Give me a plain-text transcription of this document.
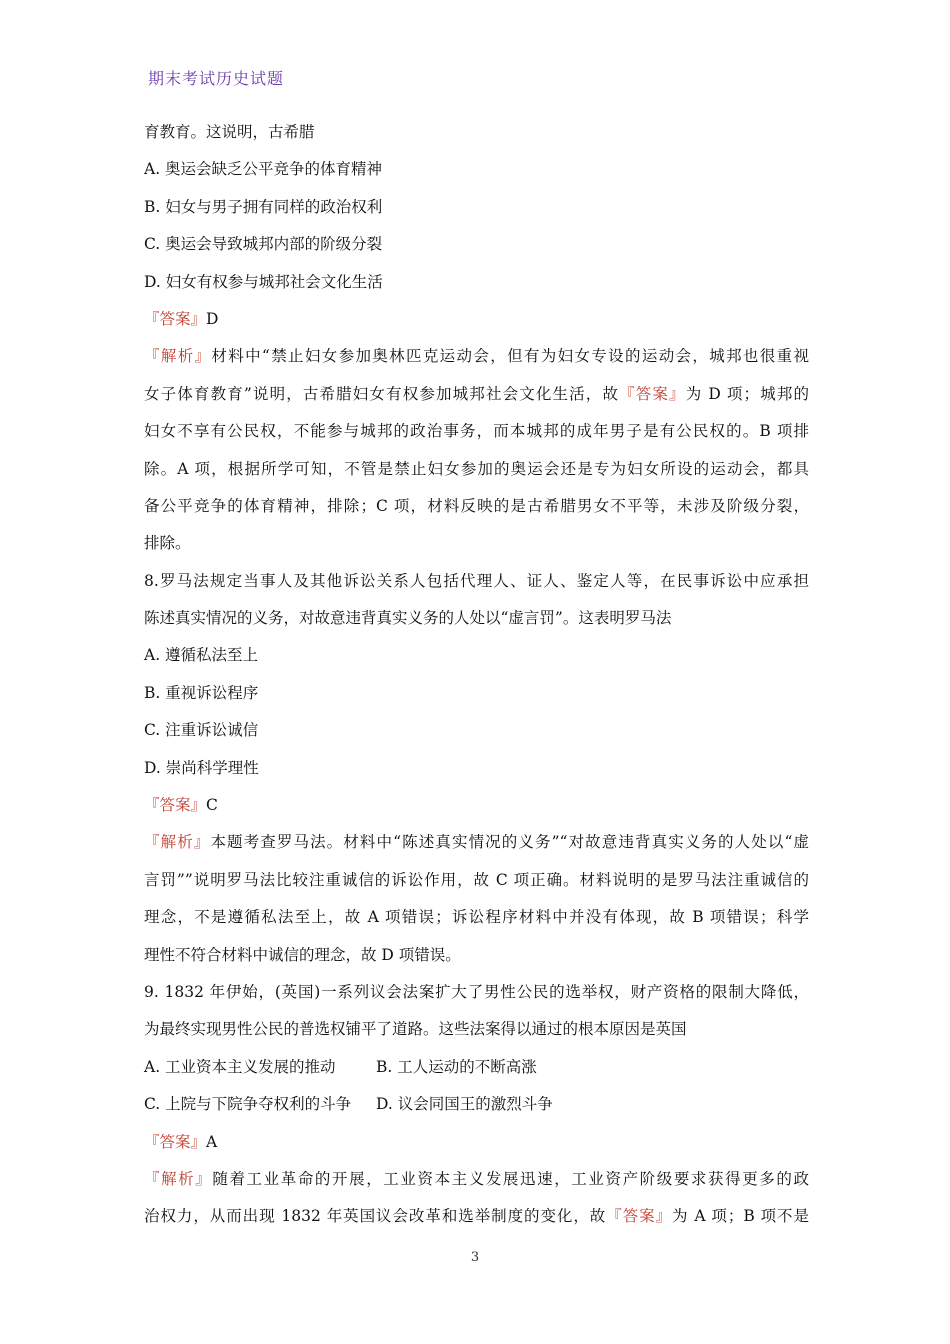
期末考试历史试题
育教育。这说明，古希腊
A. 奥运会缺乏公平竞争的体育精神
B. 妇女与男子拥有同样的政治权利
C. 奥运会导致城邦内部的阶级分裂
D. 妇女有权参与城邦社会文化生活
『答案』D
『解析』材料中“禁止妇女参加奥林匹克运动会，但有为妇女专设的运动会，城邦也很重视
女子体育教育”说明，古希腊妇女有权参加城邦社会文化生活，故『答案』为 D 项；城邦的
妇女不享有公民权，不能参与城邦的政治事务，而本城邦的成年男子是有公民权的。B 项排
除。A 项，根据所学可知，不管是禁止妇女参加的奥运会还是专为妇女所设的运动会，都具
备公平竞争的体育精神，排除；C 项，材料反映的是古希腊男女不平等，未涉及阶级分裂，
排除。
8.罗马法规定当事人及其他诉讼关系人包括代理人、证人、鉴定人等，在民事诉讼中应承担
陈述真实情况的义务，对故意违背真实义务的人处以“虚言罚”。这表明罗马法
A. 遵循私法至上
B. 重视诉讼程序
C. 注重诉讼诚信
D. 崇尚科学理性
『答案』C
『解析』本题考查罗马法。材料中“陈述真实情况的义务”“对故意违背真实义务的人处以“虚
言罚””说明罗马法比较注重诚信的诉讼作用，故 C 项正确。材料说明的是罗马法注重诚信的
理念，不是遵循私法至上，故 A 项错误；诉讼程序材料中并没有体现，故 B 项错误；科学
理性不符合材料中诚信的理念，故 D 项错误。
9. 1832 年伊始，(英国)一系列议会法案扩大了男性公民的选举权，财产资格的限制大降低，
为最终实现男性公民的普选权铺平了道路。这些法案得以通过的根本原因是英国
A. 工业资本主义发展的推动	B. 工人运动的不断高涨
C. 上院与下院争夺权利的斗争	D. 议会同国王的激烈斗争
『答案』A
『解析』随着工业革命的开展，工业资本主义发展迅速，工业资产阶级要求获得更多的政
治权力，从而出现 1832 年英国议会改革和选举制度的变化，故『答案』为 A 项；B 项不是
3
